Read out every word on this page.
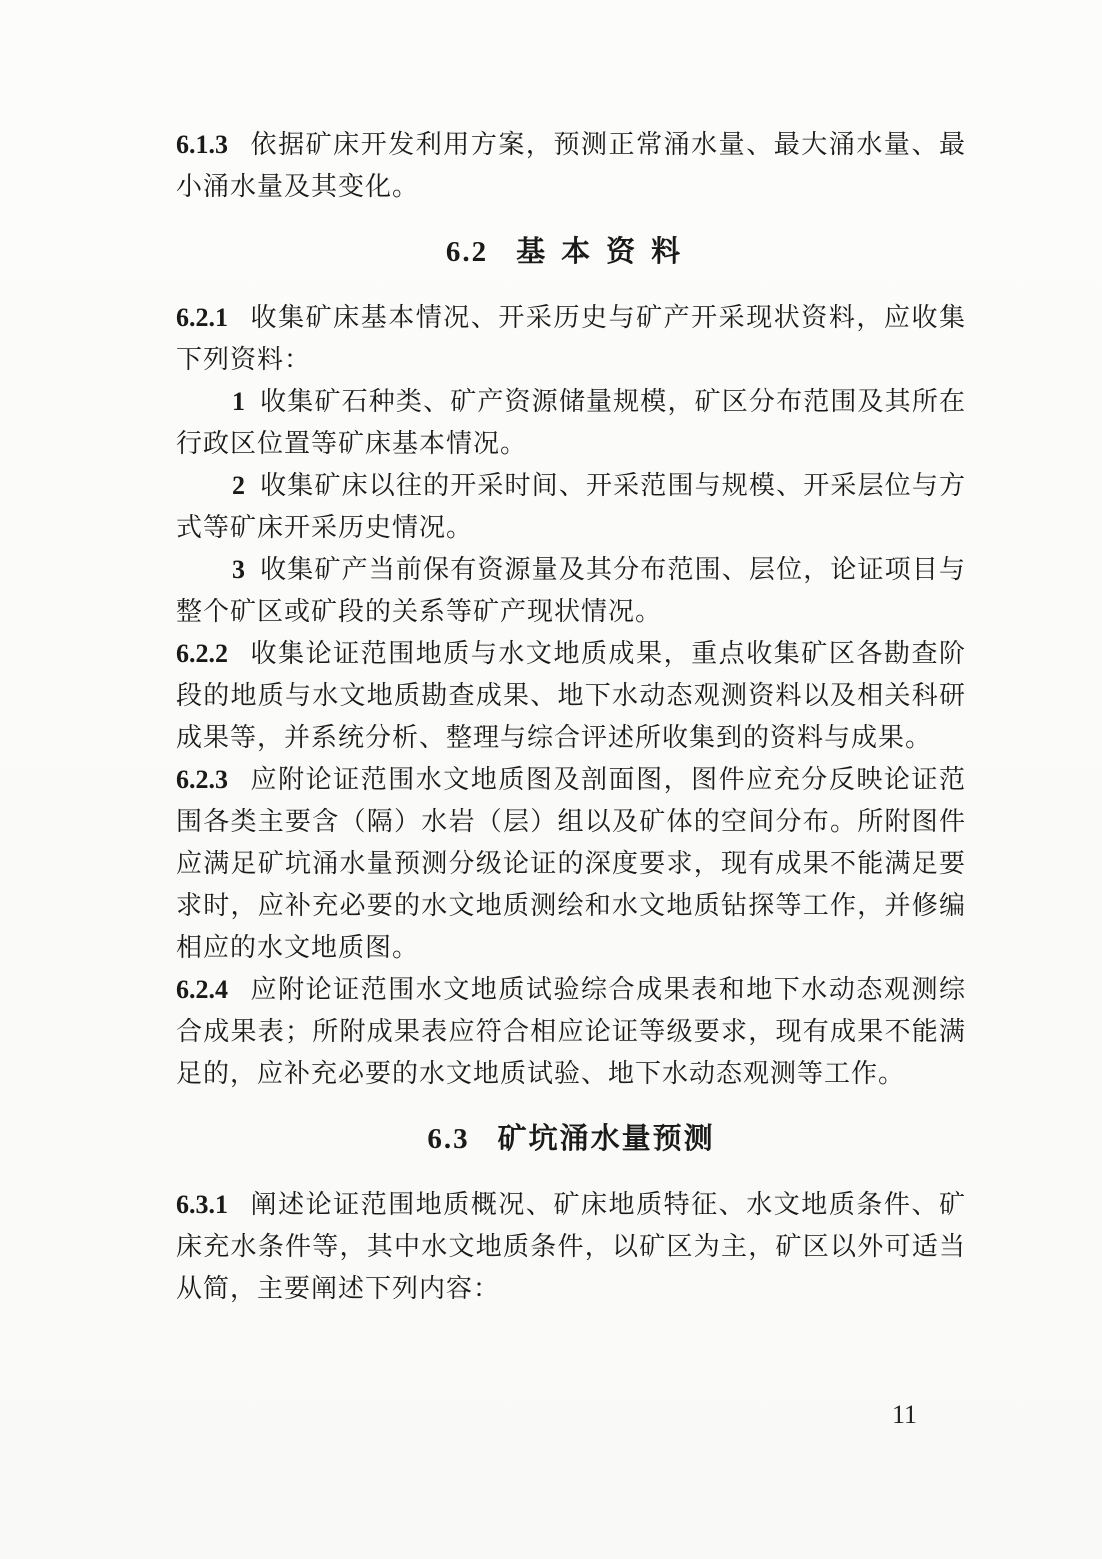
6.1.3 依据矿床开发利用方案，预测正常涌水量、最大涌水量、最小涌水量及其变化。

6.2 基本资料

6.2.1 收集矿床基本情况、开采历史与矿产开采现状资料，应收集下列资料：

1 收集矿石种类、矿产资源储量规模，矿区分布范围及其所在行政区位置等矿床基本情况。

2 收集矿床以往的开采时间、开采范围与规模、开采层位与方式等矿床开采历史情况。

3 收集矿产当前保有资源量及其分布范围、层位，论证项目与整个矿区或矿段的关系等矿产现状情况。

6.2.2 收集论证范围地质与水文地质成果，重点收集矿区各勘查阶段的地质与水文地质勘查成果、地下水动态观测资料以及相关科研成果等，并系统分析、整理与综合评述所收集到的资料与成果。

6.2.3 应附论证范围水文地质图及剖面图，图件应充分反映论证范围各类主要含（隔）水岩（层）组以及矿体的空间分布。所附图件应满足矿坑涌水量预测分级论证的深度要求，现有成果不能满足要求时，应补充必要的水文地质测绘和水文地质钻探等工作，并修编相应的水文地质图。

6.2.4 应附论证范围水文地质试验综合成果表和地下水动态观测综合成果表；所附成果表应符合相应论证等级要求，现有成果不能满足的，应补充必要的水文地质试验、地下水动态观测等工作。

6.3 矿坑涌水量预测

6.3.1 阐述论证范围地质概况、矿床地质特征、水文地质条件、矿床充水条件等，其中水文地质条件，以矿区为主，矿区以外可适当从简，主要阐述下列内容：

11
